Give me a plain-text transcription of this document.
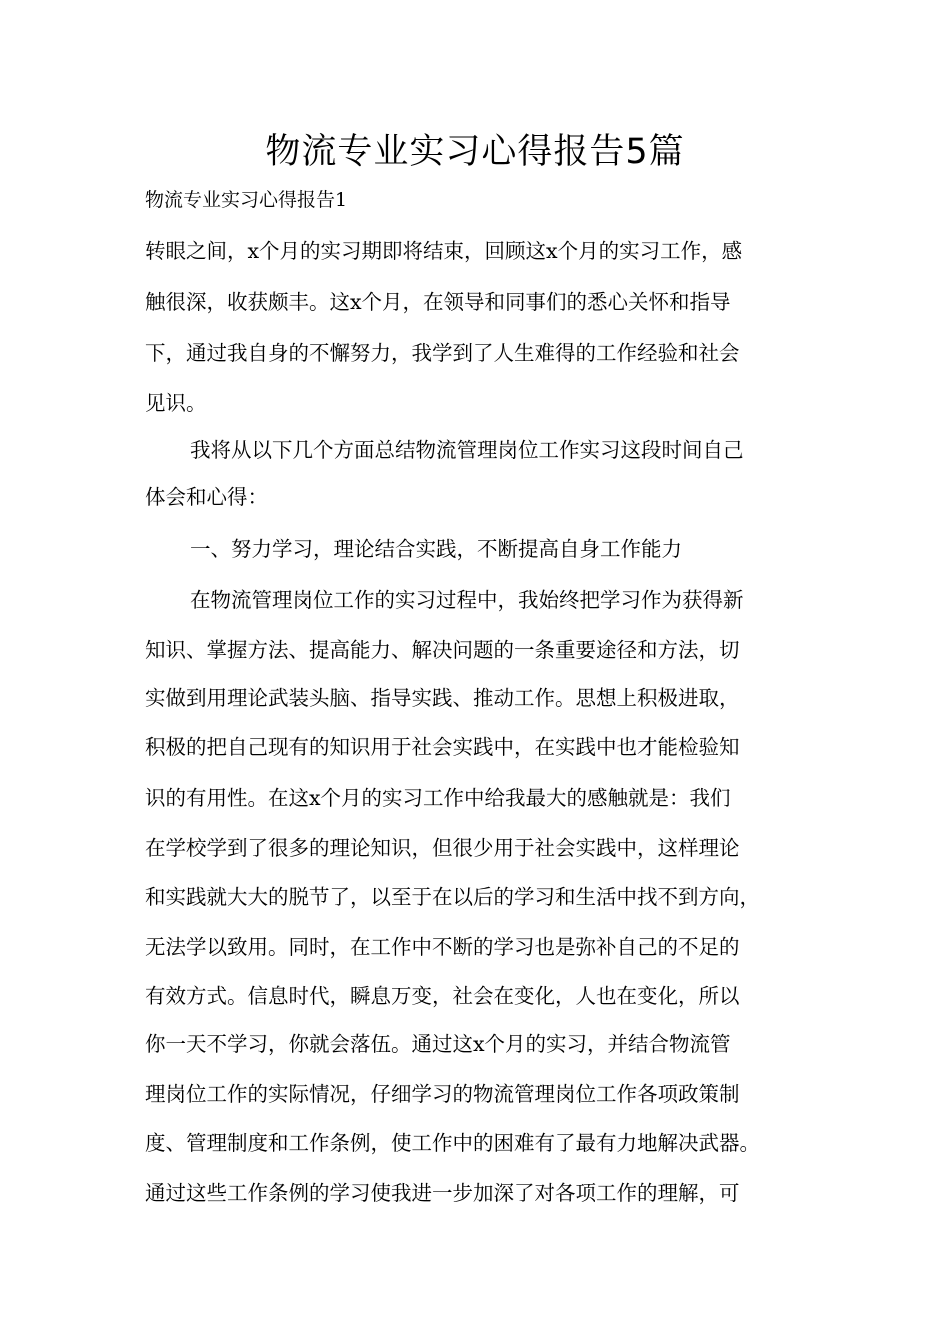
物流专业实习心得报告5篇

物流专业实习心得报告1

转眼之间，x个月的实习期即将结束，回顾这x个月的实习工作，感

触很深，收获颇丰。这x个月，在领导和同事们的悉心关怀和指导

下，通过我自身的不懈努力，我学到了人生难得的工作经验和社会

见识。

我将从以下几个方面总结物流管理岗位工作实习这段时间自己

体会和心得：

一、努力学习，理论结合实践，不断提高自身工作能力

在物流管理岗位工作的实习过程中，我始终把学习作为获得新

知识、掌握方法、提高能力、解决问题的一条重要途径和方法，切

实做到用理论武装头脑、指导实践、推动工作。思想上积极进取，

积极的把自己现有的知识用于社会实践中，在实践中也才能检验知

识的有用性。在这x个月的实习工作中给我最大的感触就是：我们

在学校学到了很多的理论知识，但很少用于社会实践中，这样理论

和实践就大大的脱节了，以至于在以后的学习和生活中找不到方向，

无法学以致用。同时，在工作中不断的学习也是弥补自己的不足的

有效方式。信息时代，瞬息万变，社会在变化，人也在变化，所以

你一天不学习，你就会落伍。通过这x个月的实习，并结合物流管

理岗位工作的实际情况，仔细学习的物流管理岗位工作各项政策制

度、管理制度和工作条例，使工作中的困难有了最有力地解决武器。

通过这些工作条例的学习使我进一步加深了对各项工作的理解，可
